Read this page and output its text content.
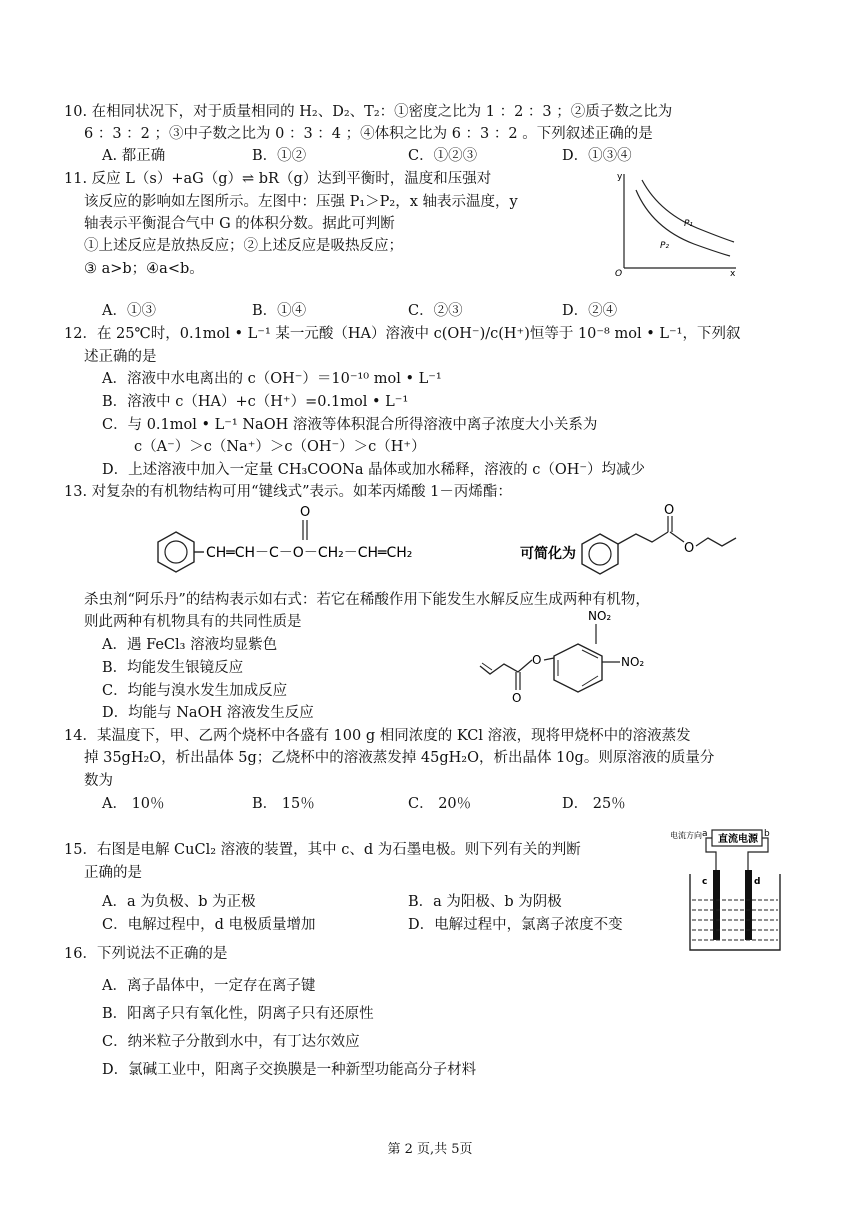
10. 在相同状况下，对于质量相同的 H₂、D₂、T₂：①密度之比为 1 ：2 ：3 ；②质子数之比为
6 ：3 ：2 ；③中子数之比为 0 ：3 ：4 ；④体积之比为 6 ：3 ：2 。下列叙述正确的是
A. 都正确	B．①②	C．①②③	D．①③④
11. 反应 L（s）+aG（g）⇌ bR（g）达到平衡时，温度和压强对
该反应的影响如左图所示。左图中：压强 P₁＞P₂，x 轴表示温度，y
轴表示平衡混合气中 G 的体积分数。据此可判断
①上述反应是放热反应；②上述反应是吸热反应；
③ a>b；④a<b。
y
x
O
P₁
P₂
A．①③	B．①④	C．②③	D．②④
12．在 25℃时，0.1mol • L⁻¹ 某一元酸（HA）溶液中 c(OH⁻)/c(H⁺)恒等于 10⁻⁸ mol • L⁻¹，下列叙
述正确的是
A．溶液中水电离出的 c（OH⁻）＝10⁻¹⁰ mol • L⁻¹
B．溶液中 c（HA）+c（H⁺）=0.1mol • L⁻¹
C．与 0.1mol • L⁻¹ NaOH 溶液等体积混合所得溶液中离子浓度大小关系为
c（A⁻）＞c（Na⁺）＞c（OH⁻）＞c（H⁺）
D．上述溶液中加入一定量 CH₃COONa 晶体或加水稀释，溶液的 c（OH⁻）均减少
13. 对复杂的有机物结构可用“键线式”表示。如苯丙烯酸 1－丙烯酯：
O
CH═CH－C－O－CH₂－CH═CH₂	可简化为
O
O
杀虫剂“阿乐丹”的结构表示如右式：若它在稀酸作用下能发生水解反应生成两种有机物，
则此两种有机物具有的共同性质是	NO₂
NO₂
O
O
A．遇 FeCl₃ 溶液均显紫色
B．均能发生银镜反应
C．均能与溴水发生加成反应
D．均能与 NaOH 溶液发生反应
14．某温度下，甲、乙两个烧杯中各盛有 100 g 相同浓度的 KCl 溶液，现将甲烧杯中的溶液蒸发
掉 35gH₂O，析出晶体 5g；乙烧杯中的溶液蒸发掉 45gH₂O，析出晶体 10g。则原溶液的质量分
数为
A． 10％	B． 15％	C． 20％	D． 25％
15．右图是电解 CuCl₂ 溶液的装置，其中 c、d 为石墨电极。则下列有关的判断
正确的是
A．a 为负极、b 为正极	B．a 为阳极、b 为阴极
C．电解过程中，d 电极质量增加	D．电解过程中，氯离子浓度不变
电流方向 a	b
直流电源
c	d
16．下列说法不正确的是
A．离子晶体中，一定存在离子键
B．阳离子只有氧化性，阴离子只有还原性
C．纳米粒子分散到水中，有丁达尔效应
D．氯碱工业中，阳离子交换膜是一种新型功能高分子材料
第 2 页,共 5页
